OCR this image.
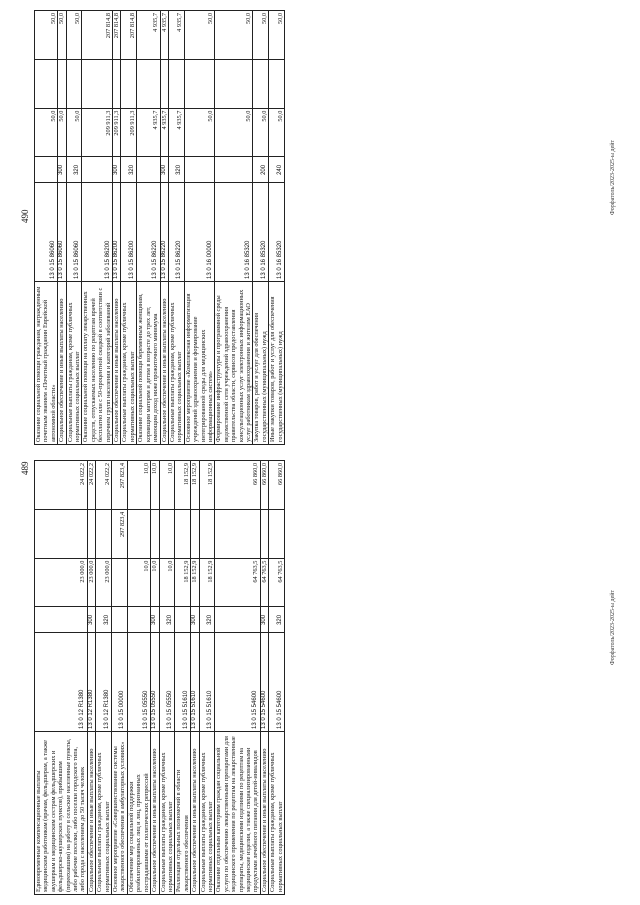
489
Единовременные компенсационные выплаты медицинским работникам (врачам, фельдшерам, а также акушеркам и медицинским сестрам фельдшерских и фельдшерско-акушерских пунктов), прибывшим (переехавшим) на работу в сельские населенные пункты, либо рабочие поселки, либо поселки городского типа, либо города с населением до 50 тысяч человек	13 0 12 R1380		23 000,0		24 022,2
Социальное обеспечение и иные выплаты населению	13 0 12 R1380	300	23 000,0		24 022,2
Социальные выплаты гражданам, кроме публичных нормативных социальных выплат	13 0 12 R1380	320	23 000,0		24 022,2
Основное мероприятие «Совершенствование системы лекарственного обеспечения в амбулаторных условиях»	13 0 15 00000			297 823,4	297 823,4
Обеспечение мер социальной поддержки реабилитированных лиц и лиц, признанных пострадавшими от политических репрессий	13 0 15 05550		10,0		10,0
Социальное обеспечение и иные выплаты населению	13 0 15 05550	300	10,0		10,0
Социальные выплаты гражданам, кроме публичных нормативных социальных выплат	13 0 15 05550	320	10,0		10,0
Реализация отдельных полномочий в области лекарственного обеспечения	13 0 15 51610		18 152,9		18 152,9
Социальное обеспечение и иные выплаты населению	13 0 15 51610	300	18 152,9		18 152,9
Социальные выплаты гражданам, кроме публичных нормативных социальных выплат	13 0 15 51610	320	18 152,9		18 152,9
Оказание отдельным категориям граждан социальной услуги по обеспечению лекарственными препаратами для медицинского применения по рецептам на лекарственные препараты, медицинскими изделиями по рецептам на медицинские изделия, а также специализированными продуктами лечебного питания для детей-инвалидов	13 0 15 54600		64 763,5		66 860,0
Социальное обеспечение и иные выплаты населению	13 0 15 54600	300	64 763,5		66 860,0
Социальные выплаты гражданам, кроме публичных нормативных социальных выплат	13 0 15 54600	320	64 763,5		66 860,0
Форфатоль/2023-2025-ы дейт
490
Оказание социальной помощи гражданам, награжденным почетным званием «Почетный гражданин Еврейской автономной области»	13 0 15 86060		50,0		50,0
Социальное обеспечение и иные выплаты населению	13 0 15 86060	300	50,0		50,0
Социальные выплаты гражданам, кроме публичных нормативных социальных выплат	13 0 15 86060	320	50,0		50,0
Оказание социальной помощи на оплату лекарственных средств, отпускаемых населению по рецептам врачей бесплатно или с 50-процентной скидкой в соответствии с перечнем групп населения и категорий заболеваний	13 0 15 86200		209 911,3		207 814,8
Социальное обеспечение и иные выплаты населению	13 0 15 86200	300	209 911,3		207 814,8
Социальные выплаты гражданам, кроме публичных нормативных социальных выплат	13 0 15 86200	320	209 911,3		207 814,8
Оказание социальной помощи беременным женщинам, кормящим матерям и детям в возрасте до трех лет, имеющим доход ниже прожиточного минимума	13 0 15 86220		4 935,7		4 935,7
Социальное обеспечение и иные выплаты населению	13 0 15 86220	300	4 935,7		4 935,7
Социальные выплаты гражданам, кроме публичных нормативных социальных выплат	13 0 15 86220	320	4 935,7		4 935,7
Основное мероприятие «Комплексная информатизация учреждений здравоохранения и формирование интегрированной среды для медицинских информационных систем»	13 0 16 00000		50,0		50,0
Формирование инфраструктуры и программной среды ведомственной сети учреждений здравоохранения правительства области, сервисов предоставления консультационных услуг электронных информационных услуг работникам здравоохранения и жителям ЕАО	13 0 16 85320		50,0		50,0
Закупка товаров, работ и услуг для обеспечения государственных (муниципальных) нужд	13 0 16 85320	200	50,0		50,0
Иные закупки товаров, работ и услуг для обеспечения государственных (муниципальных) нужд	13 0 16 85320	240	50,0		50,0
Форфатоль/2023-2025-ы дейт
